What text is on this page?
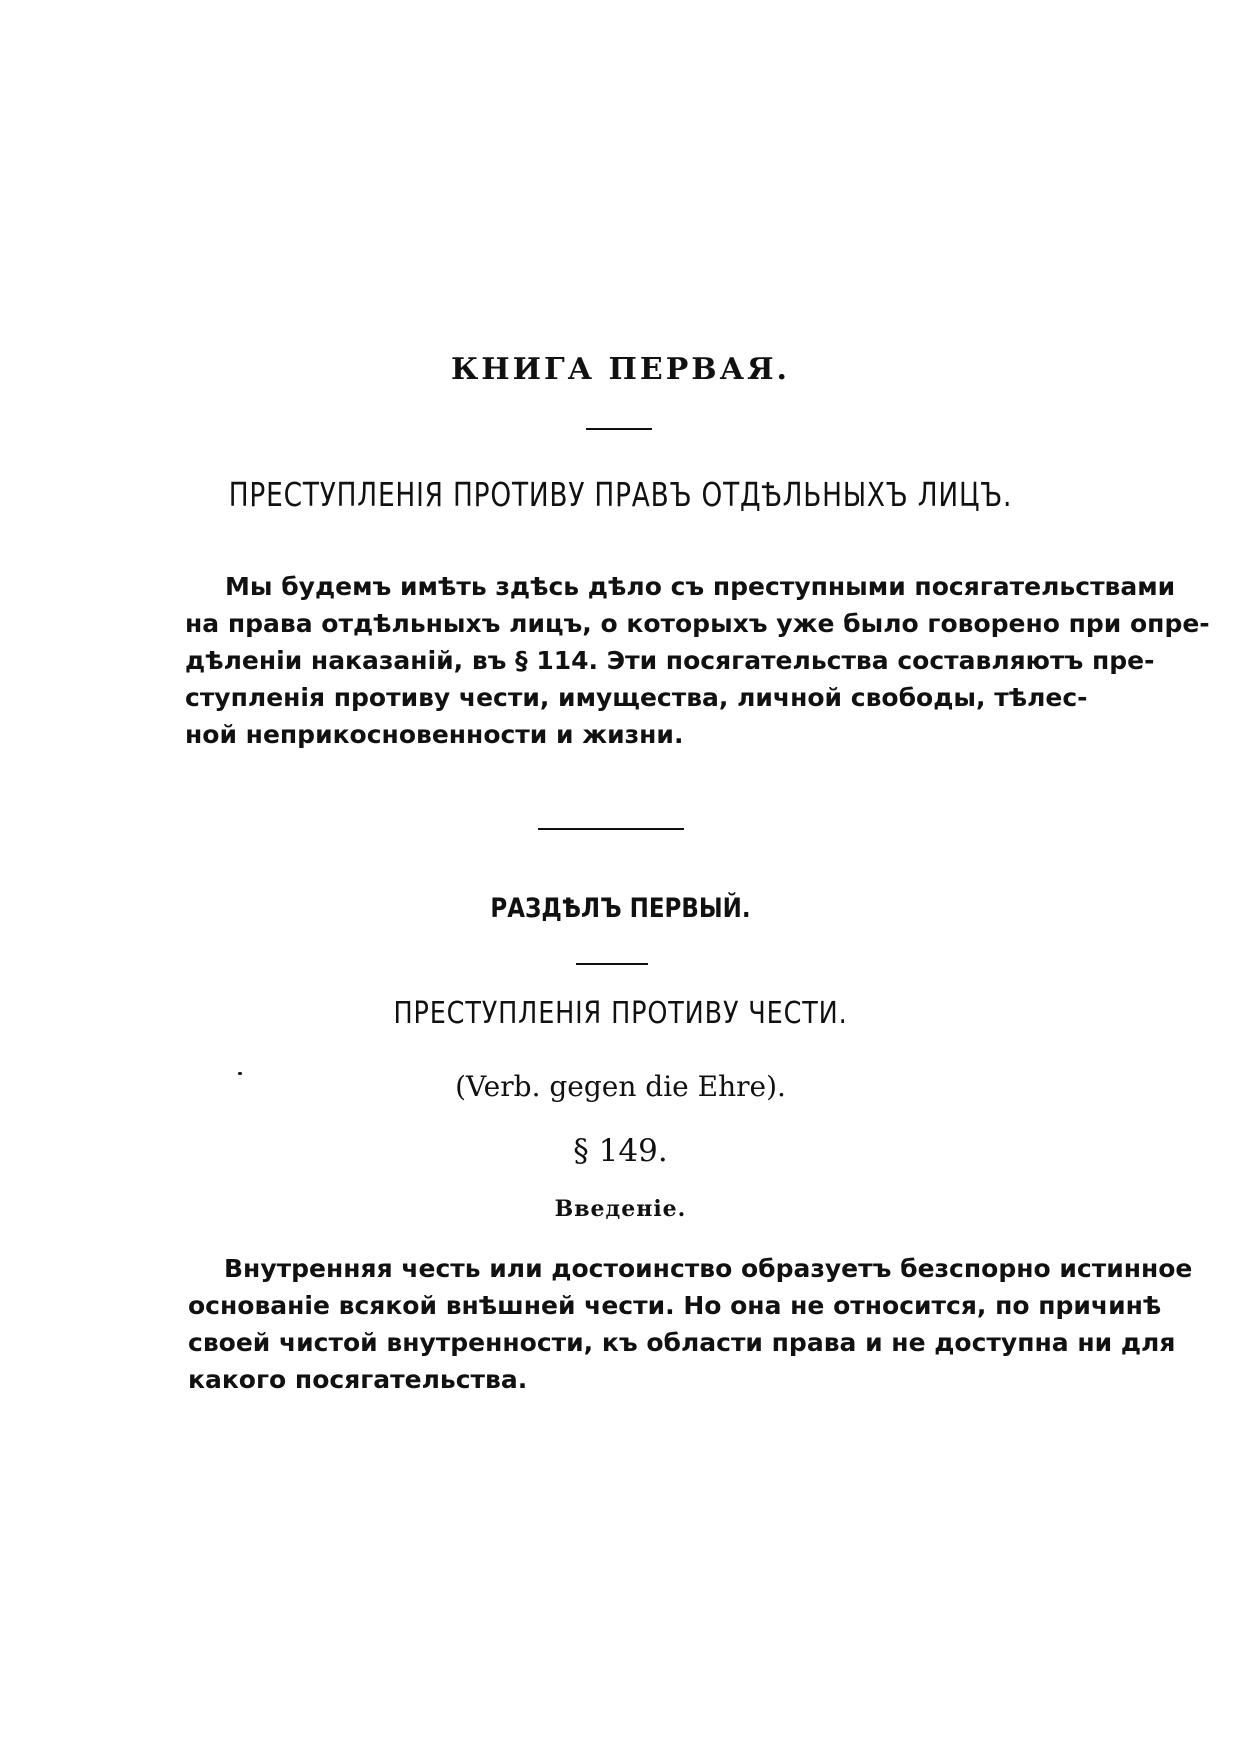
КНИГА ПЕРВАЯ.
ПРЕСТУПЛЕНІЯ ПРОТИВУ ПРАВЪ ОТДѢЛЬНЫХЪ ЛИЦЪ.
Мы будемъ имѣть здѣсь дѣло съ преступными посягательствами
на права отдѣльныхъ лицъ, о которыхъ уже было говорено при опре-
дѣленіи наказаній, въ § 114. Эти посягательства составляютъ пре-
ступленія противу чести, имущества, личной свободы, тѣлес-
ной неприкосновенности и жизни.
РАЗДѢЛЪ ПЕРВЫЙ.
ПРЕСТУПЛЕНІЯ ПРОТИВУ ЧЕСТИ.
(Verb. gegen die Ehre).
§ 149.
Введеніе.
Внутренняя честь или достоинство образуетъ безспорно истинное
основаніе всякой внѣшней чести. Но она не относится, по причинѣ
своей чистой внутренности, къ области права и не доступна ни для
какого посягательства.
